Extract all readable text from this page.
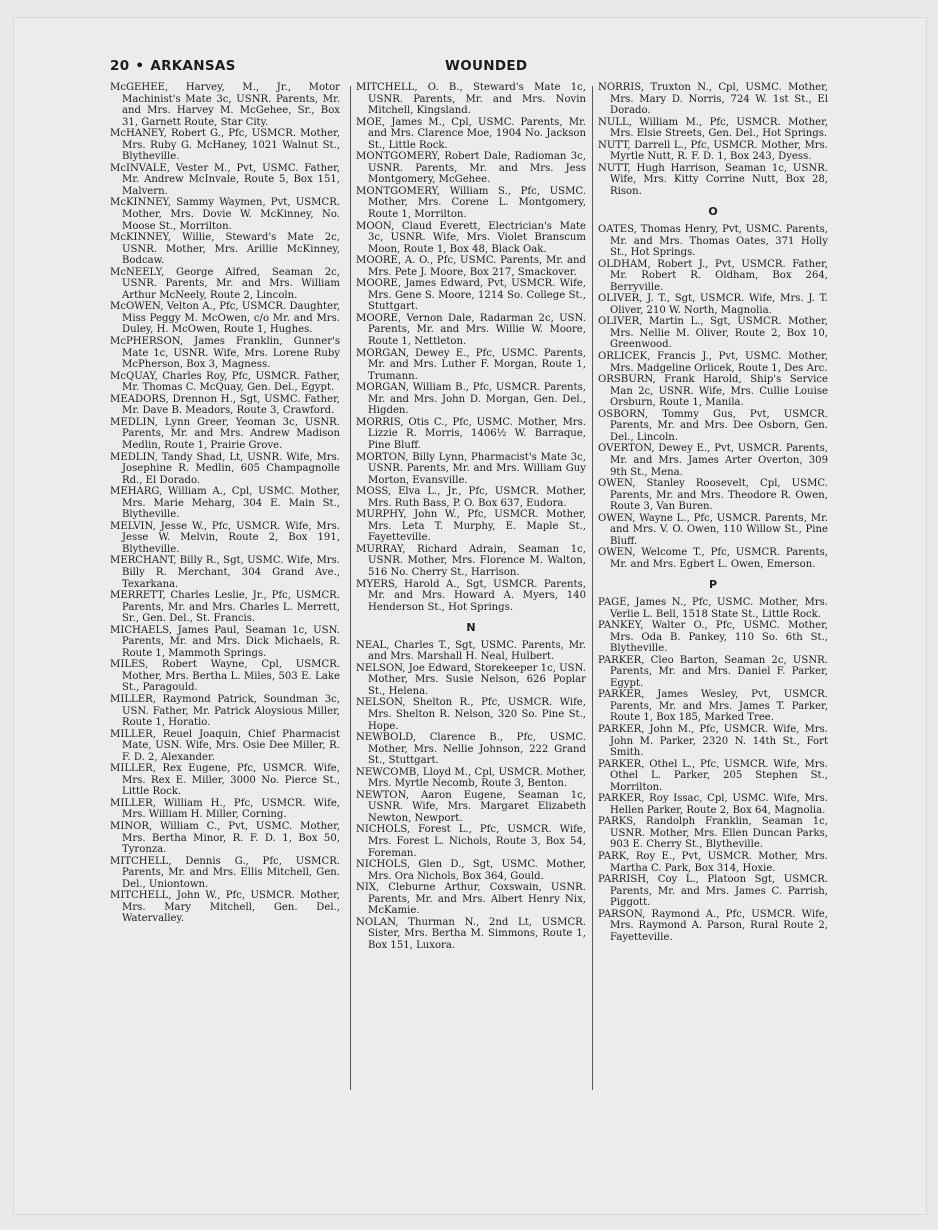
20 • ARKANSAS	WOUNDED
McGEHEE, Harvey, M., Jr., Motor Machinist's Mate 3c, USNR. Parents, Mr. and Mrs. Harvey M. McGehee, Sr., Box 31, Garnett Route, Star City.
McHANEY, Robert G., Pfc, USMCR. Mother, Mrs. Ruby G. McHaney, 1021 Walnut St., Blytheville.
McINVALE, Vester M., Pvt, USMC. Father, Mr. Andrew McInvale, Route 5, Box 151, Malvern.
McKINNEY, Sammy Waymen, Pvt, USMCR. Mother, Mrs. Dovie W. McKinney, No. Moose St., Morrilton.
McKINNEY, Willie, Steward's Mate 2c, USNR. Mother, Mrs. Arillie McKinney, Bodcaw.
McNEELY, George Alfred, Seaman 2c, USNR. Parents, Mr. and Mrs. William Arthur McNeely, Route 2, Lincoln.
McOWEN, Velton A., Pfc, USMCR. Daughter, Miss Peggy M. McOwen, c/o Mr. and Mrs. Duley, H. McOwen, Route 1, Hughes.
McPHERSON, James Franklin, Gunner's Mate 1c, USNR. Wife, Mrs. Lorene Ruby McPherson, Box 3, Magness.
McQUAY, Charles Roy, Pfc, USMCR. Father, Mr. Thomas C. McQuay, Gen. Del., Egypt.
MEADORS, Drennon H., Sgt, USMC. Father, Mr. Dave B. Meadors, Route 3, Crawford.
MEDLIN, Lynn Greer, Yeoman 3c, USNR. Parents, Mr. and Mrs. Andrew Madison Medlin, Route 1, Prairie Grove.
MEDLIN, Tandy Shad, Lt, USNR. Wife, Mrs. Josephine R. Medlin, 605 Champagnolle Rd., El Dorado.
MEHARG, William A., Cpl, USMC. Mother, Mrs. Marie Meharg, 304 E. Main St., Blytheville.
MELVIN, Jesse W., Pfc, USMCR. Wife, Mrs. Jesse W. Melvin, Route 2, Box 191, Blytheville.
MERCHANT, Billy R., Sgt, USMC. Wife, Mrs. Billy R. Merchant, 304 Grand Ave., Texarkana.
MERRETT, Charles Leslie, Jr., Pfc, USMCR. Parents, Mr. and Mrs. Charles L. Merrett, Sr., Gen. Del., St. Francis.
MICHAELS, James Paul, Seaman 1c, USN. Parents, Mr. and Mrs. Dick Michaels, R. Route 1, Mammoth Springs.
MILES, Robert Wayne, Cpl, USMCR. Mother, Mrs. Bertha L. Miles, 503 E. Lake St., Paragould.
MILLER, Raymond Patrick, Soundman 3c, USN. Father, Mr. Patrick Aloysious Miller, Route 1, Horatio.
MILLER, Reuel Joaquin, Chief Pharmacist Mate, USN. Wife, Mrs. Osie Dee Miller, R. F. D. 2, Alexander.
MILLER, Rex Eugene, Pfc, USMCR. Wife, Mrs. Rex E. Miller, 3000 No. Pierce St., Little Rock.
MILLER, William H., Pfc, USMCR. Wife, Mrs. William H. Miller, Corning.
MINOR, William C., Pvt, USMC. Mother, Mrs. Bertha Minor, R. F. D. 1, Box 50, Tyronza.
MITCHELL, Dennis G., Pfc, USMCR. Parents, Mr. and Mrs. Ellis Mitchell, Gen. Del., Uniontown.
MITCHELL, John W., Pfc, USMCR. Mother, Mrs. Mary Mitchell, Gen. Del., Watervalley.
MITCHELL, O. B., Steward's Mate 1c, USNR. Parents, Mr. and Mrs. Novin Mitchell, Kingsland.
MOE, James M., Cpl, USMC. Parents, Mr. and Mrs. Clarence Moe, 1904 No. Jackson St., Little Rock.
MONTGOMERY, Robert Dale, Radioman 3c, USNR. Parents, Mr. and Mrs. Jess Montgomery, McGehee.
MONTGOMERY, William S., Pfc, USMC. Mother, Mrs. Corene L. Montgomery, Route 1, Morrilton.
MOON, Claud Everett, Electrician's Mate 3c, USNR. Wife, Mrs. Violet Branscum Moon, Route 1, Box 48, Black Oak.
MOORE, A. O., Pfc, USMC. Parents, Mr. and Mrs. Pete J. Moore, Box 217, Smackover.
MOORE, James Edward, Pvt, USMCR. Wife, Mrs. Gene S. Moore, 1214 So. College St., Stuttgart.
MOORE, Vernon Dale, Radarman 2c, USN. Parents, Mr. and Mrs. Willie W. Moore, Route 1, Nettleton.
MORGAN, Dewey E., Pfc, USMC. Parents, Mr. and Mrs. Luther F. Morgan, Route 1, Trumann.
MORGAN, William B., Pfc, USMCR. Parents, Mr. and Mrs. John D. Morgan, Gen. Del., Higden.
MORRIS, Otis C., Pfc, USMC. Mother, Mrs. Lizzie R. Morris, 1406½ W. Barraque, Pine Bluff.
MORTON, Billy Lynn, Pharmacist's Mate 3c, USNR. Parents, Mr. and Mrs. William Guy Morton, Evansville.
MOSS, Elva L., Jr., Pfc, USMCR. Mother, Mrs. Ruth Bass, P. O. Box 637, Eudora.
MURPHY, John W., Pfc, USMCR. Mother, Mrs. Leta T. Murphy, E. Maple St., Fayetteville.
MURRAY, Richard Adrain, Seaman 1c, USNR. Mother, Mrs. Florence M. Walton, 516 No. Cherry St., Harrison.
MYERS, Harold A., Sgt, USMCR. Parents, Mr. and Mrs. Howard A. Myers, 140 Henderson St., Hot Springs.
N
NEAL, Charles T., Sgt, USMC. Parents, Mr. and Mrs. Marshall H. Neal, Hulbert.
NELSON, Joe Edward, Storekeeper 1c, USN. Mother, Mrs. Susie Nelson, 626 Poplar St., Helena.
NELSON, Shelton R., Pfc, USMCR. Wife, Mrs. Shelton R. Nelson, 320 So. Pine St., Hope.
NEWBOLD, Clarence B., Pfc, USMC. Mother, Mrs. Nellie Johnson, 222 Grand St., Stuttgart.
NEWCOMB, Lloyd M., Cpl, USMCR. Mother, Mrs. Myrtle Necomb, Route 3, Benton.
NEWTON, Aaron Eugene, Seaman 1c, USNR. Wife, Mrs. Margaret Elizabeth Newton, Newport.
NICHOLS, Forest L., Pfc, USMCR. Wife, Mrs. Forest L. Nichols, Route 3, Box 54, Foreman.
NICHOLS, Glen D., Sgt, USMC. Mother, Mrs. Ora Nichols, Box 364, Gould.
NIX, Cleburne Arthur, Coxswain, USNR. Parents, Mr. and Mrs. Albert Henry Nix, McKamie.
NOLAN, Thurman N., 2nd Lt, USMCR. Sister, Mrs. Bertha M. Simmons, Route 1, Box 151, Luxora.
NORRIS, Truxton N., Cpl, USMC. Mother, Mrs. Mary D. Norris, 724 W. 1st St., El Dorado.
NULL, William M., Pfc, USMCR. Mother, Mrs. Elsie Streets, Gen. Del., Hot Springs.
NUTT, Darrell L., Pfc, USMCR. Mother, Mrs. Myrtle Nutt, R. F. D. 1, Box 243, Dyess.
NUTT, Hugh Harrison, Seaman 1c, USNR. Wife, Mrs. Kitty Corrine Nutt, Box 28, Rison.
O
OATES, Thomas Henry, Pvt, USMC. Parents, Mr. and Mrs. Thomas Oates, 371 Holly St., Hot Springs.
OLDHAM, Robert J., Pvt, USMCR. Father, Mr. Robert R. Oldham, Box 264, Berryville.
OLIVER, J. T., Sgt, USMCR. Wife, Mrs. J. T. Oliver, 210 W. North, Magnolia.
OLIVER, Martin L., Sgt, USMCR. Mother, Mrs. Nellie M. Oliver, Route 2, Box 10, Greenwood.
ORLICEK, Francis J., Pvt, USMC. Mother, Mrs. Madgeline Orlicek, Route 1, Des Arc.
ORSBURN, Frank Harold, Ship's Service Man 2c, USNR. Wife, Mrs. Cullie Louise Orsburn, Route 1, Manila.
OSBORN, Tommy Gus, Pvt, USMCR. Parents, Mr. and Mrs. Dee Osborn, Gen. Del., Lincoln.
OVERTON, Dewey E., Pvt, USMCR. Parents, Mr. and Mrs. James Arter Overton, 309 9th St., Mena.
OWEN, Stanley Roosevelt, Cpl, USMC. Parents, Mr. and Mrs. Theodore R. Owen, Route 3, Van Buren.
OWEN, Wayne L., Pfc, USMCR. Parents, Mr. and Mrs. V. O. Owen, 110 Willow St., Pine Bluff.
OWEN, Welcome T., Pfc, USMCR. Parents, Mr. and Mrs. Egbert L. Owen, Emerson.
P
PAGE, James N., Pfc, USMC. Mother, Mrs. Verlie L. Bell, 1518 State St., Little Rock.
PANKEY, Walter O., Pfc, USMC. Mother, Mrs. Oda B. Pankey, 110 So. 6th St., Blytheville.
PARKER, Cleo Barton, Seaman 2c, USNR. Parents, Mr. and Mrs. Daniel F. Parker, Egypt.
PARKER, James Wesley, Pvt, USMCR. Parents, Mr. and Mrs. James T. Parker, Route 1, Box 185, Marked Tree.
PARKER, John M., Pfc, USMCR. Wife, Mrs. John M. Parker, 2320 N. 14th St., Fort Smith.
PARKER, Othel L., Pfc, USMCR. Wife, Mrs. Othel L. Parker, 205 Stephen St., Morrilton.
PARKER, Roy Issac, Cpl, USMC. Wife, Mrs. Hellen Parker, Route 2, Box 64, Magnolia.
PARKS, Randolph Franklin, Seaman 1c, USNR. Mother, Mrs. Ellen Duncan Parks, 903 E. Cherry St., Blytheville.
PARK, Roy E., Pvt, USMCR. Mother, Mrs. Martha C. Park, Box 314, Hoxie.
PARRISH, Coy L., Platoon Sgt, USMCR. Parents, Mr. and Mrs. James C. Parrish, Piggott.
PARSON, Raymond A., Pfc, USMCR. Wife, Mrs. Raymond A. Parson, Rural Route 2, Fayetteville.
